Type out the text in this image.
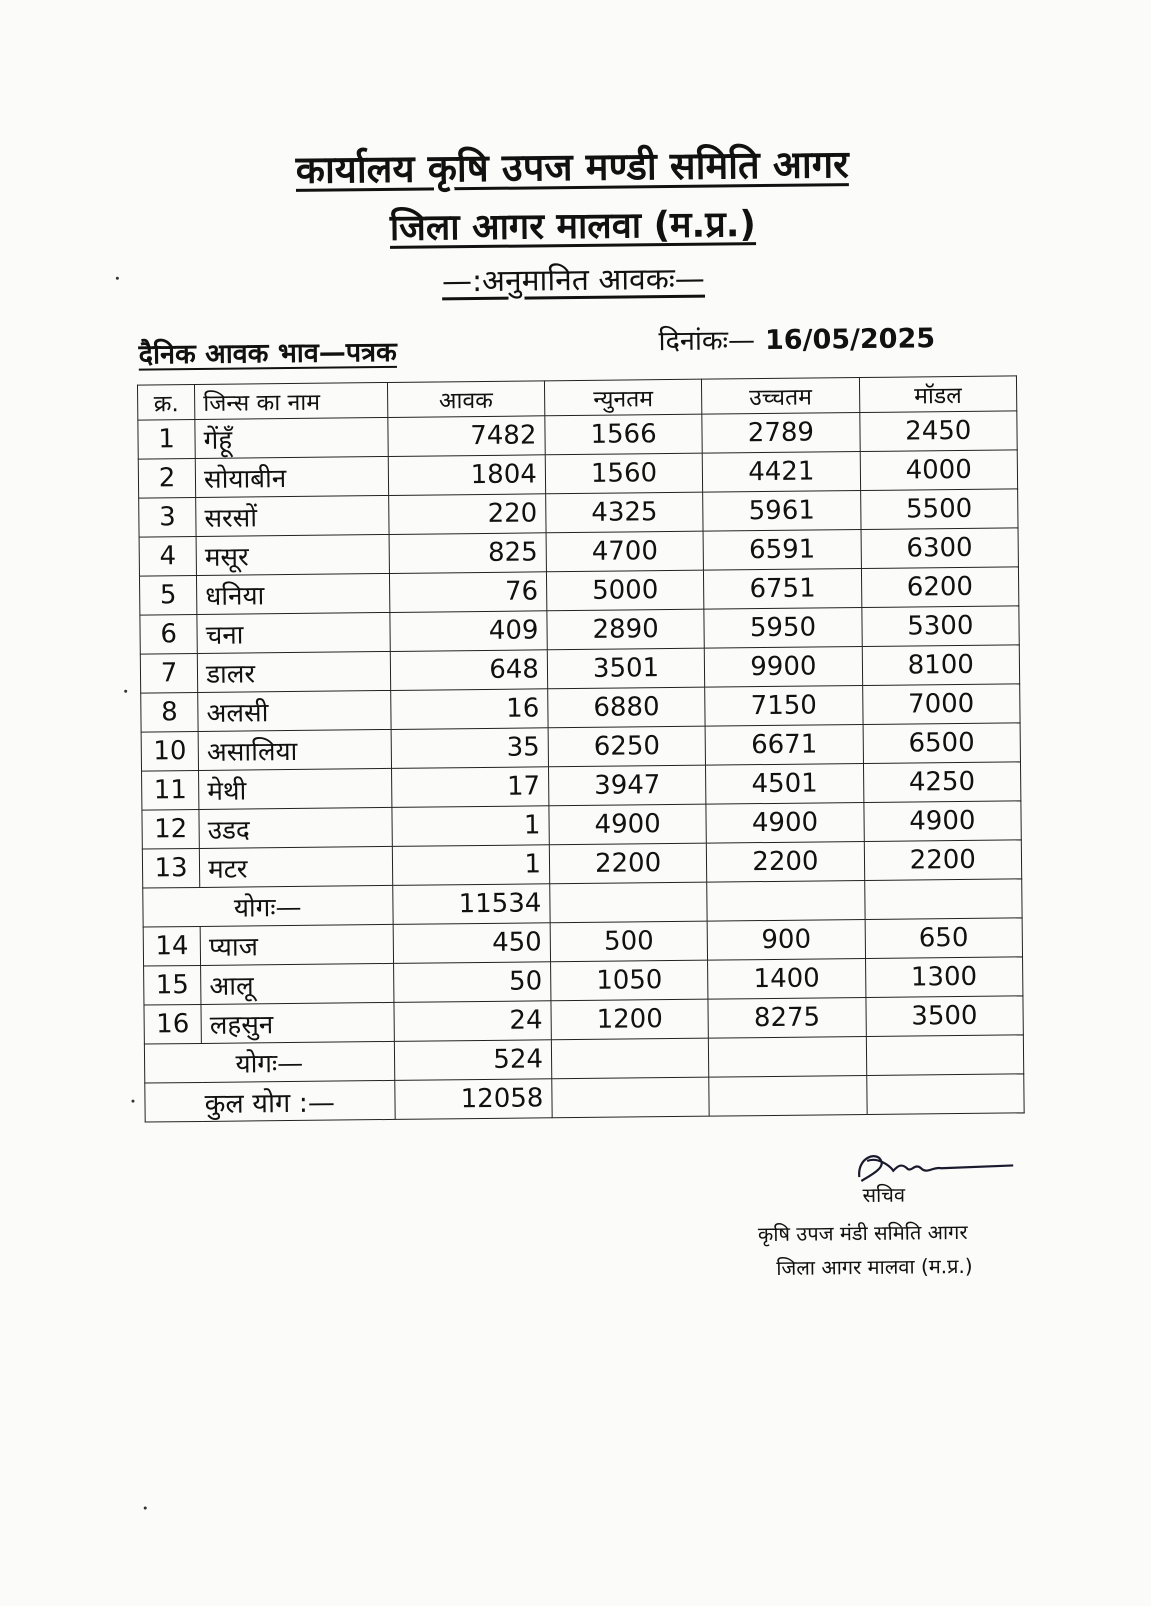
कार्यालय कृषि उपज मण्डी समिति आगर
जिला आगर मालवा (म.प्र.)
—:अनुमानित आवकः—
दैनिक आवक भाव—पत्रक	दिनांकः— 16/05/2025
क्र.	जिन्स का नाम	आवक	न्युनतम	उच्चतम	मॉडल
1	गेंहूँ	7482	1566	2789	2450
2	सोयाबीन	1804	1560	4421	4000
3	सरसों	220	4325	5961	5500
4	मसूर	825	4700	6591	6300
5	धनिया	76	5000	6751	6200
6	चना	409	2890	5950	5300
7	डालर	648	3501	9900	8100
8	अलसी	16	6880	7150	7000
10	असालिया	35	6250	6671	6500
11	मेथी	17	3947	4501	4250
12	उडद	1	4900	4900	4900
13	मटर	1	2200	2200	2200
योगः—		11534			
14	प्याज	450	500	900	650
15	आलू	50	1050	1400	1300
16	लहसुन	24	1200	8275	3500
योगः—		524			
कुल योग :—		12058			
सचिव
कृषि उपज मंडी समिति आगर
जिला आगर मालवा (म.प्र.)
